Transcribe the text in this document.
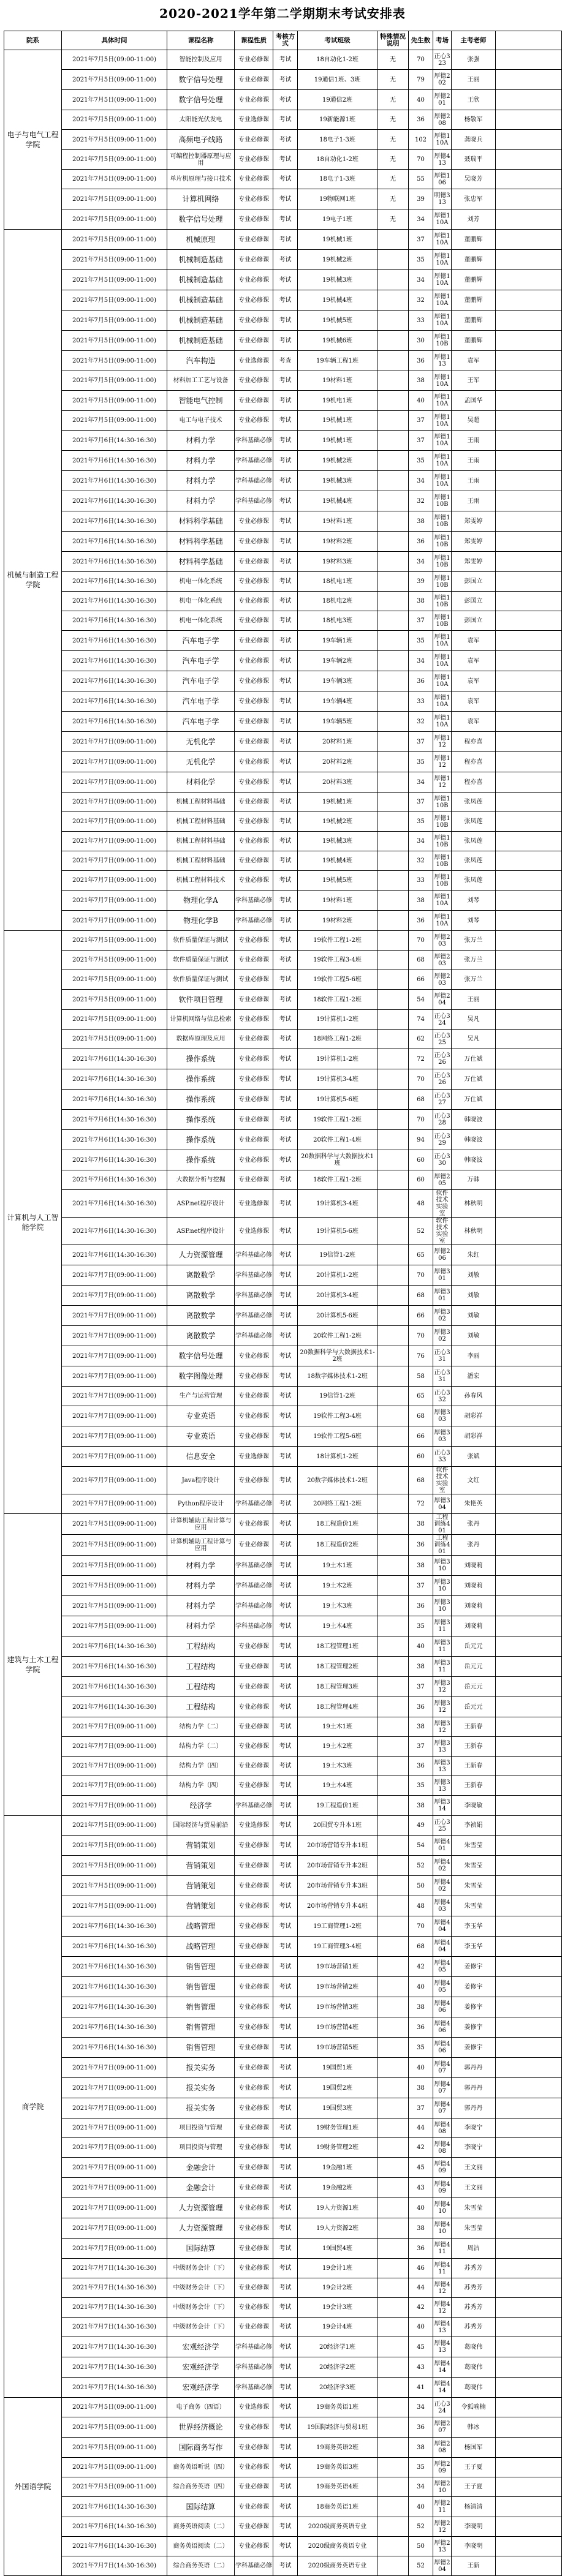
2020-2021学年第二学期期末考试安排表
院系	具体时间	课程名称	课程性质	考核方式	考试班级	特殊情况说明	先生数	考场	主考老师	
电子与电气工程学院	2021年7月5日(09:00-11:00)	智能控制及应用	专业必修课	考试	18自动化1-2班	无	70	正心323	张强	
	2021年7月5日(09:00-11:00)	数字信号处理	专业必修课	考试	19通信1班、3班	无	79	厚德202	王丽	
	2021年7月5日(09:00-11:00)	数字信号处理	专业必修课	考试	19通信2班	无	40	厚德201	王欣	
	2021年7月5日(09:00-11:00)	太阳能光伏发电	专业选修课	考试	19新能源1班	无	36	厚德208	杨敬军	
	2021年7月5日(09:00-11:00)	高频电子线路	专业必修课	考试	18电子1-3班	无	102	厚德110A	龚晓兵	
	2021年7月5日(09:00-11:00)	可编程控制器原理与应用	专业必修课	考试	18自动化1-2班	无	70	厚德413	聂瑞平	
	2021年7月5日(09:00-11:00)	单片机原理与接口技术	专业必修课	考试	18电子1-3班	无	55	厚德106	吴晓芳	
	2021年7月5日(09:00-11:00)	计算机网络	专业必修课	考试	19物联网1班	无	39	明德313	张忠军	
	2021年7月5日(09:00-11:00)	数字信号处理	专业必修课	考试	19电子1班	无	34	厚德110A	刘芳	
机械与制造工程学院	2021年7月5日(09:00-11:00)	机械原理	专业必修课	考试	19机械1班		37	厚德110A	董鹏辉	
	2021年7月5日(09:00-11:00)	机械制造基础	专业必修课	考试	19机械2班		35	厚德110A	董鹏辉	
	2021年7月5日(09:00-11:00)	机械制造基础	专业必修课	考试	19机械3班		34	厚德110A	董鹏辉	
	2021年7月5日(09:00-11:00)	机械制造基础	专业必修课	考试	19机械4班		32	厚德110A	董鹏辉	
	2021年7月5日(09:00-11:00)	机械制造基础	专业必修课	考试	19机械5班		33	厚德110A	董鹏辉	
	2021年7月5日(09:00-11:00)	机械制造基础	专业必修课	考试	19机械6班		30	厚德110B	董鹏辉	
	2021年7月5日(09:00-11:00)	汽车构造	专业选修课	考查	19车辆工程1班		36	厚德113	袁军	
	2021年7月5日(09:00-11:00)	材料加工工艺与设备	专业必修课	考试	19材料1班		38	厚德110A	王军	
	2021年7月5日(09:00-11:00)	智能电气控制	专业必修课	考试	19机电1班		40	厚德110A	孟国华	
	2021年7月5日(09:00-11:00)	电工与电子技术	专业必修课	考试	19机械1班		37	厚德110A	吴超	
	2021年7月6日(14:30-16:30)	材料力学	学科基础必修	考试	19机械1班		37	厚德110A	王雨	
	2021年7月6日(14:30-16:30)	材料力学	学科基础必修	考试	19机械2班		35	厚德110A	王雨	
	2021年7月6日(14:30-16:30)	材料力学	学科基础必修	考试	19机械3班		34	厚德110A	王雨	
	2021年7月6日(14:30-16:30)	材料力学	学科基础必修	考试	19机械4班		32	厚德110B	王雨	
	2021年7月6日(14:30-16:30)	材料科学基础	专业必修课	考试	19材料1班		38	厚德110B	郑雯婷	
	2021年7月6日(14:30-16:30)	材料科学基础	专业必修课	考试	19材料2班		36	厚德110B	郑雯婷	
	2021年7月6日(14:30-16:30)	材料科学基础	专业必修课	考试	19材料3班		34	厚德110B	郑雯婷	
	2021年7月6日(14:30-16:30)	机电一体化系统	专业必修课	考试	18机电1班		39	厚德110B	彭国立	
	2021年7月6日(14:30-16:30)	机电一体化系统	专业必修课	考试	18机电2班		38	厚德110B	彭国立	
	2021年7月6日(14:30-16:30)	机电一体化系统	专业必修课	考试	18机电3班		37	厚德110B	彭国立	
	2021年7月6日(14:30-16:30)	汽车电子学	专业必修课	考试	19车辆1班		35	厚德110A	袁军	
	2021年7月6日(14:30-16:30)	汽车电子学	专业必修课	考试	19车辆2班		34	厚德110A	袁军	
	2021年7月6日(14:30-16:30)	汽车电子学	专业必修课	考试	19车辆3班		36	厚德110A	袁军	
	2021年7月6日(14:30-16:30)	汽车电子学	专业必修课	考试	19车辆4班		33	厚德110A	袁军	
	2021年7月6日(14:30-16:30)	汽车电子学	专业必修课	考试	19车辆5班		32	厚德110A	袁军	
	2021年7月7日(09:00-11:00)	无机化学	专业必修课	考试	20材料1班		37	厚德112	程亦喜	
	2021年7月7日(09:00-11:00)	无机化学	专业必修课	考试	20材料2班		35	厚德112	程亦喜	
	2021年7月7日(09:00-11:00)	材料化学	专业必修课	考试	20材料3班		34	厚德112	程亦喜	
	2021年7月7日(09:00-11:00)	机械工程材料基础	专业必修课	考试	19机械1班		37	厚德110B	张凤莲	
	2021年7月7日(09:00-11:00)	机械工程材料基础	专业必修课	考试	19机械2班		35	厚德110B	张凤莲	
	2021年7月7日(09:00-11:00)	机械工程材料基础	专业必修课	考试	19机械3班		34	厚德110B	张凤莲	
	2021年7月7日(09:00-11:00)	机械工程材料基础	专业必修课	考试	19机械4班		32	厚德110B	张凤莲	
	2021年7月7日(09:00-11:00)	机械工程材料技术	专业必修课	考试	19机械5班		33	厚德110B	张凤莲	
	2021年7月7日(09:00-11:00)	物理化学A	学科基础必修	考试	19材料1班		38	厚德110A	刘琴	
	2021年7月7日(09:00-11:00)	物理化学B	学科基础必修	考试	19材料2班		36	厚德110A	刘琴	
计算机与人工智能学院	2021年7月5日(09:00-11:00)	软件质量保证与测试	专业必修课	考试	19软件工程1-2班		70	厚德203	张万兰	
	2021年7月5日(09:00-11:00)	软件质量保证与测试	专业必修课	考试	19软件工程3-4班		68	厚德203	张万兰	
	2021年7月5日(09:00-11:00)	软件质量保证与测试	专业必修课	考试	19软件工程5-6班		66	厚德203	张万兰	
	2021年7月5日(09:00-11:00)	软件项目管理	专业必修课	考试	18软件工程1-2班		54	厚德204	王丽	
	2021年7月5日(09:00-11:00)	计算机网络与信息检索	专业必修课	考试	19计算机1-2班		74	正心324	吴凡	
	2021年7月5日(09:00-11:00)	数据库原理及应用	专业必修课	考试	18网络工程1-2班		62	正心325	吴凡	
	2021年7月6日(14:30-16:30)	操作系统	专业必修课	考试	19计算机1-2班		72	正心326	万仕斌	
	2021年7月6日(14:30-16:30)	操作系统	专业必修课	考试	19计算机3-4班		70	正心326	万仕斌	
	2021年7月6日(14:30-16:30)	操作系统	专业必修课	考试	19计算机5-6班		68	正心327	万仕斌	
	2021年7月6日(14:30-16:30)	操作系统	专业必修课	考试	19软件工程1-2班		70	正心328	韩晓波	
	2021年7月6日(14:30-16:30)	操作系统	专业必修课	考试	20软件工程1-4班		94	正心329	韩晓波	
	2021年7月6日(14:30-16:30)	操作系统	专业必修课	考试	20数据科学与大数据技术1班		60	正心330	韩晓波	
	2021年7月6日(14:30-16:30)	大数据分析与挖掘	专业必修课	考试	18软件工程1-2班		60	厚德205	万韩	
	2021年7月6日(14:30-16:30)	ASP.net程序设计	专业选修课	考试	19计算机3-4班		48	软件技术实验室	林秋明	
	2021年7月6日(14:30-16:30)	ASP.net程序设计	专业选修课	考试	19计算机5-6班		52	软件技术实验室	林秋明	
	2021年7月6日(14:30-16:30)	人力资源管理	学科基础必修	考试	19信管1-2班		65	厚德206	朱红	
	2021年7月7日(09:00-11:00)	离散数学	学科基础必修	考试	20计算机1-2班		70	厚德301	刘敏	
	2021年7月7日(09:00-11:00)	离散数学	学科基础必修	考试	20计算机3-4班		68	厚德301	刘敏	
	2021年7月7日(09:00-11:00)	离散数学	学科基础必修	考试	20计算机5-6班		66	厚德302	刘敏	
	2021年7月7日(09:00-11:00)	离散数学	学科基础必修	考试	20软件工程1-2班		70	厚德302	刘敏	
	2021年7月7日(09:00-11:00)	数字信号处理	专业必修课	考试	20数据科学与大数据技术1-2班		76	正心331	李丽	
	2021年7月7日(09:00-11:00)	数字图像处理	专业必修课	考试	18数字媒体技术1-2班		58	正心331	潘宏	
	2021年7月7日(09:00-11:00)	生产与运营管理	专业必修课	考试	19信管1-2班		65	正心332	孙春风	
	2021年7月7日(09:00-11:00)	专业英语	专业必修课	考试	19软件工程3-4班		68	厚德303	胡彩祥	
	2021年7月7日(09:00-11:00)	专业英语	专业必修课	考试	19软件工程5-6班		66	厚德303	胡彩祥	
	2021年7月7日(09:00-11:00)	信息安全	专业选修课	考试	18计算机1-2班		60	正心333	张斌	
	2021年7月7日(09:00-11:00)	Java程序设计	专业必修课	考试	20数字媒体技术1-2班		68	软件技术实验室	文红	
	2021年7月7日(09:00-11:00)	Python程序设计	学科基础必修	考试	20网络工程1-2班		72	厚德304	朱艳英	
建筑与土木工程学院	2021年7月5日(09:00-11:00)	计算机辅助工程计算与应用	专业必修课	考试	18工程造价1班		38	工程训练401	张丹	
	2021年7月5日(09:00-11:00)	计算机辅助工程计算与应用	专业必修课	考试	18工程造价2班		36	工程训练401	张丹	
	2021年7月5日(09:00-11:00)	材料力学	学科基础必修	考试	19土木1班		38	厚德310	刘晓莉	
	2021年7月5日(09:00-11:00)	材料力学	学科基础必修	考试	19土木2班		37	厚德310	刘晓莉	
	2021年7月5日(09:00-11:00)	材料力学	学科基础必修	考试	19土木3班		36	厚德310	刘晓莉	
	2021年7月5日(09:00-11:00)	材料力学	学科基础必修	考试	19土木4班		35	厚德311	刘晓莉	
	2021年7月6日(14:30-16:30)	工程结构	专业必修课	考试	18工程管理1班		40	厚德311	岳元元	
	2021年7月6日(14:30-16:30)	工程结构	专业必修课	考试	18工程管理2班		38	厚德311	岳元元	
	2021年7月6日(14:30-16:30)	工程结构	专业必修课	考试	18工程管理3班		37	厚德312	岳元元	
	2021年7月6日(14:30-16:30)	工程结构	专业必修课	考试	18工程管理4班		36	厚德312	岳元元	
	2021年7月7日(09:00-11:00)	结构力学（二）	专业必修课	考试	19土木1班		38	厚德312	王新春	
	2021年7月7日(09:00-11:00)	结构力学（二）	专业必修课	考试	19土木2班		37	厚德313	王新春	
	2021年7月7日(09:00-11:00)	结构力学（四）	专业必修课	考试	19土木3班		36	厚德313	王新春	
	2021年7月7日(09:00-11:00)	结构力学（四）	专业必修课	考试	19土木4班		35	厚德313	王新春	
	2021年7月7日(09:00-11:00)	经济学	学科基础必修	考试	19工程造价1班		38	厚德314	李晓敏	
商学院	2021年7月5日(09:00-11:00)	国际经济与贸易前沿	专业选修课	考试	20国贸专升本1班		49	正心325	李祯娟	
	2021年7月5日(09:00-11:00)	营销策划	专业必修课	考试	20市场营销专升本1班		54	厚德401	朱雪莹	
	2021年7月5日(09:00-11:00)	营销策划	专业必修课	考试	20市场营销专升本2班		52	厚德402	朱雪莹	
	2021年7月5日(09:00-11:00)	营销策划	专业必修课	考试	20市场营销专升本3班		50	厚德402	朱雪莹	
	2021年7月5日(09:00-11:00)	营销策划	专业必修课	考试	20市场营销专升本4班		48	厚德403	朱雪莹	
	2021年7月6日(14:30-16:30)	战略管理	专业必修课	考试	19工商管理1-2班		70	厚德404	李玉华	
	2021年7月6日(14:30-16:30)	战略管理	专业必修课	考试	19工商管理3-4班		68	厚德404	李玉华	
	2021年7月6日(14:30-16:30)	销售管理	专业必修课	考试	19市场营销1班		42	厚德405	姜修宇	
	2021年7月6日(14:30-16:30)	销售管理	专业必修课	考试	19市场营销2班		40	厚德405	姜修宇	
	2021年7月6日(14:30-16:30)	销售管理	专业必修课	考试	19市场营销3班		38	厚德406	姜修宇	
	2021年7月6日(14:30-16:30)	销售管理	专业必修课	考试	19市场营销4班		36	厚德406	姜修宇	
	2021年7月6日(14:30-16:30)	销售管理	专业必修课	考试	19市场营销5班		35	厚德406	姜修宇	
	2021年7月7日(09:00-11:00)	报关实务	专业必修课	考试	19国贸1班		40	厚德407	郭丹丹	
	2021年7月7日(09:00-11:00)	报关实务	专业必修课	考试	19国贸2班		38	厚德407	郭丹丹	
	2021年7月7日(09:00-11:00)	报关实务	专业必修课	考试	19国贸3班		37	厚德407	郭丹丹	
	2021年7月7日(09:00-11:00)	项目投资与管理	专业必修课	考试	19财务管理1班		44	厚德408	李晓宁	
	2021年7月7日(09:00-11:00)	项目投资与管理	专业必修课	考试	19财务管理2班		42	厚德408	李晓宁	
	2021年7月7日(09:00-11:00)	金融会计	专业必修课	考试	19金融1班		45	厚德409	王文丽	
	2021年7月7日(09:00-11:00)	金融会计	专业必修课	考试	19金融2班		43	厚德409	王文丽	
	2021年7月7日(09:00-11:00)	人力资源管理	专业必修课	考试	19人力资源1班		40	厚德410	朱雪莹	
	2021年7月7日(09:00-11:00)	人力资源管理	专业必修课	考试	19人力资源2班		38	厚德410	朱雪莹	
	2021年7月7日(09:00-11:00)	国际结算	专业必修课	考试	19国贸4班		36	厚德411	周洁	
	2021年7月7日(14:30-16:30)	中级财务会计（下）	专业必修课	考试	19会计1班		46	厚德411	苏秀芳	
	2021年7月7日(14:30-16:30)	中级财务会计（下）	专业必修课	考试	19会计2班		44	厚德412	苏秀芳	
	2021年7月7日(14:30-16:30)	中级财务会计（下）	专业必修课	考试	19会计3班		42	厚德412	苏秀芳	
	2021年7月7日(14:30-16:30)	中级财务会计（下）	专业必修课	考试	19会计4班		40	厚德413	苏秀芳	
	2021年7月7日(14:30-16:30)	宏观经济学	学科基础必修	考试	20经济学1班		45	厚德413	葛晓伟	
	2021年7月7日(14:30-16:30)	宏观经济学	学科基础必修	考试	20经济学2班		43	厚德414	葛晓伟	
	2021年7月7日(14:30-16:30)	宏观经济学	学科基础必修	考试	20经济学3班		41	厚德414	葛晓伟	
外国语学院	2021年7月5日(09:00-11:00)	电子商务（四语）	专业选修课	考试	19商务英语1班		34	正心324	令狐喻楠	
	2021年7月5日(09:00-11:00)	世界经济概论	专业必修课	考试	19国际经济与贸易1班		36	厚德207	韩冰	
	2021年7月5日(09:00-11:00)	国际商务写作	专业必修课	考试	19商务英语2班		38	厚德208	杨国军	
	2021年7月5日(09:00-11:00)	商务英语听说（四）	专业必修课	考试	19商务英语3班		35	厚德209	王子夏	
	2021年7月5日(09:00-11:00)	综合商务英语（四）	专业必修课	考试	19商务英语4班		34	厚德210	王子夏	
	2021年7月6日(14:30-16:30)	国际结算	专业必修课	考试	18商务英语1班		40	厚德211	杨清清	
	2021年7月6日(14:30-16:30)	商务英语阅读（二）	专业必修课	考试	2020级商务英语专业		52	厚德212	李晓明	
	2021年7月6日(14:30-16:30)	商务英语阅读（二）	专业必修课	考试	2020级商务英语专业		50	厚德213	李晓明	
	2021年7月7日(14:30-16:30)	综合商务英语（二）	学科基础必修	考试	2020级商务英语专业		52	厚德204	王新	
